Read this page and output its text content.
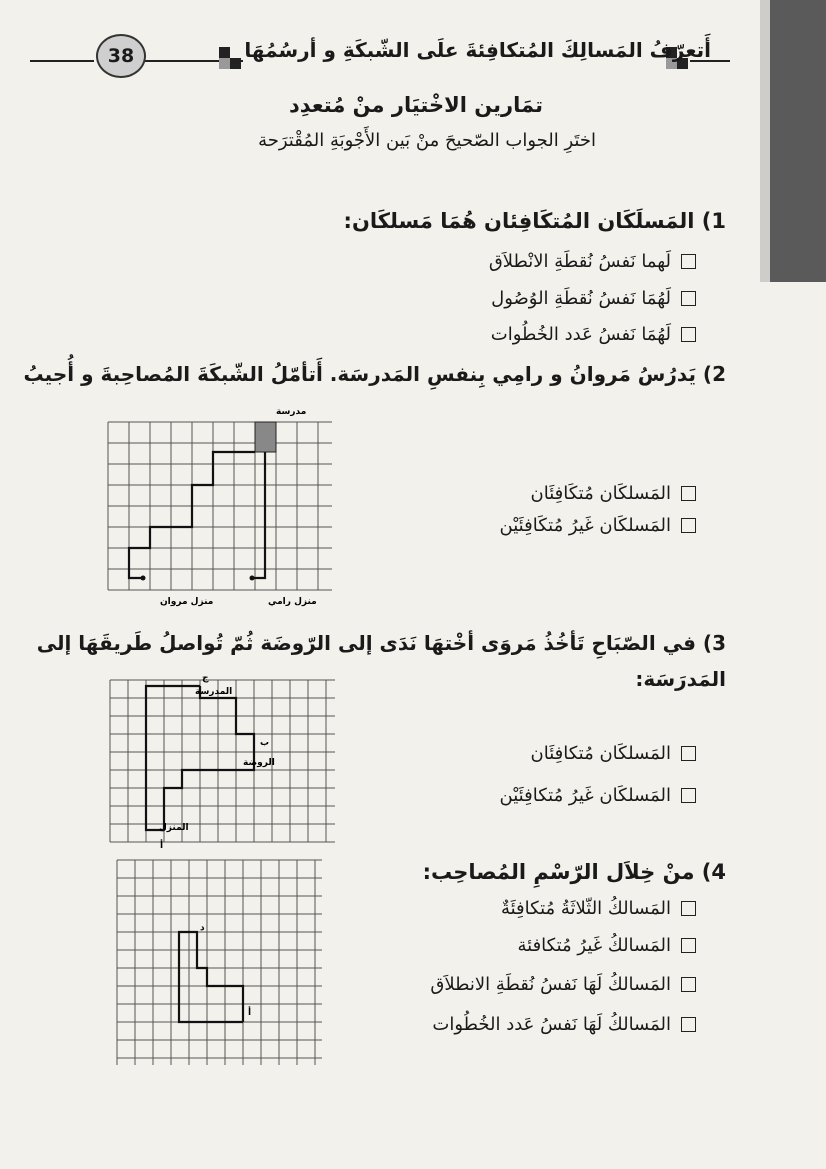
38	أَتعرّفُ المَسالِكَ المُتكافِئةَ علَى الشّبكَةِ و أرسُمُهَا
تمَارين الاخْتيَار منْ مُتعدِد
اختَرِ الجواب الصّحيحَ منْ بَين الأَجْوبَةِ المُقْترَحة
1) المَسلَكَان المُتكَافِئان هُمَا مَسلكَان:
لَهما نَفسُ نُقطَةِ الانْطلاَق
لَهُمَا نَفسُ نُقطَةِ الوُصُول
لَهُمَا نَفسُ عَدد الخُطُوات
2) يَدرُسُ مَروانُ و رامِي بِنفسِ المَدرسَة. أَتأمّلُ الشّبكَةَ المُصاحِبةَ و أُجيبُ
المَسلكَان مُتكَافِئَان
المَسلكَان غَيرُ مُتكَافِئَيْن
مدرسة
منزل مروان	منزل رامي
3) في الصّبَاحِ تَأخُذُ مَروَى أخْتهَا نَدَى إلى الرّوضَة ثُمّ تُواصلُ طَريقَهَا إلى
المَدرَسَة:
المَسلكَان مُتكافِئَان
المَسلكَان غَيرُ مُتكافِئَيْن
المدرسة
الروضة
المنزل
ب
ج
أ
4) منْ خِلاَل الرّسْمِ المُصاحِب:
المَسالكُ الثّلاثَةُ مُتكافِئَةٌ
المَسالكُ غَيرُ مُتكافئة
المَسالكُ لَهَا نَفسُ نُقطَةِ الانطلاَق
المَسالكُ لَهَا نَفسُ عَدد الخُطُوات
د
أ
